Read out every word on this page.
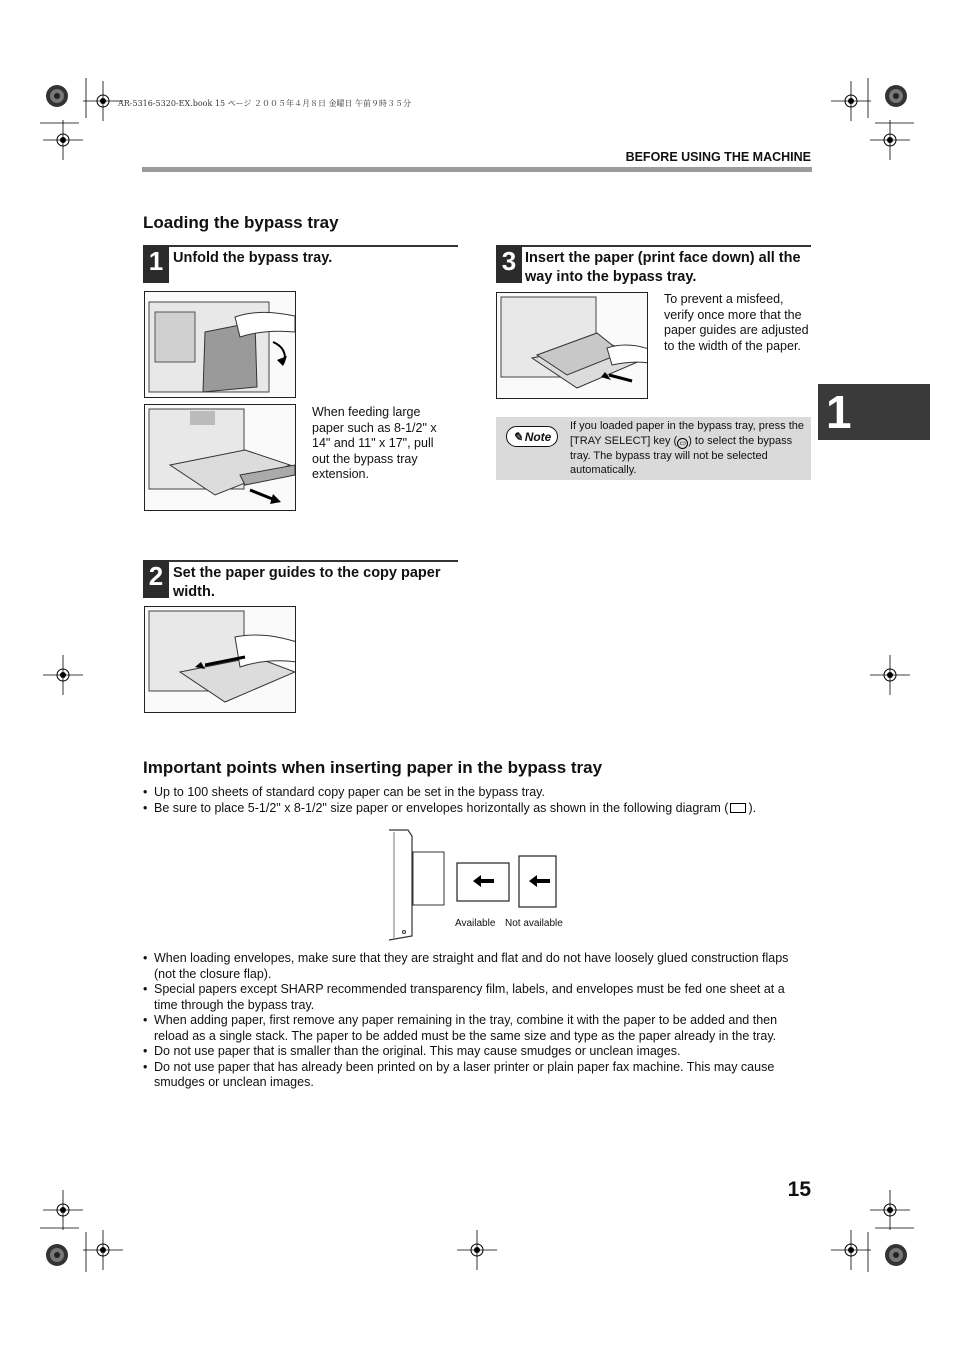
AR-5316-5320-EX.book 15 ページ ２００５年４月８日 金曜日 午前９時３５分
BEFORE USING THE MACHINE
Loading the bypass tray
1 Unfold the bypass tray.
When feeding large paper such as 8-1/2" x 14" and 11" x 17", pull out the bypass tray extension.
2 Set the paper guides to the copy paper width.
3 Insert the paper (print face down) all the way into the bypass tray.
To prevent a misfeed, verify once more that the paper guides are adjusted to the width of the paper.
✎ Note
If you loaded paper in the bypass tray, press the [TRAY SELECT] key ( ▭ ) to select the bypass tray. The bypass tray will not be selected automatically.
1
Important points when inserting paper in the bypass tray
• Up to 100 sheets of standard copy paper can be set in the bypass tray.
• Be sure to place 5-1/2" x 8-1/2" size paper or envelopes horizontally as shown in the following diagram ( ).
Available Not available
• When loading envelopes, make sure that they are straight and flat and do not have loosely glued construction flaps (not the closure flap).
• Special papers except SHARP recommended transparency film, labels, and envelopes must be fed one sheet at a time through the bypass tray.
• When adding paper, first remove any paper remaining in the tray, combine it with the paper to be added and then reload as a single stack. The paper to be added must be the same size and type as the paper already in the tray.
• Do not use paper that is smaller than the original. This may cause smudges or unclean images.
• Do not use paper that has already been printed on by a laser printer or plain paper fax machine. This may cause smudges or unclean images.
15
